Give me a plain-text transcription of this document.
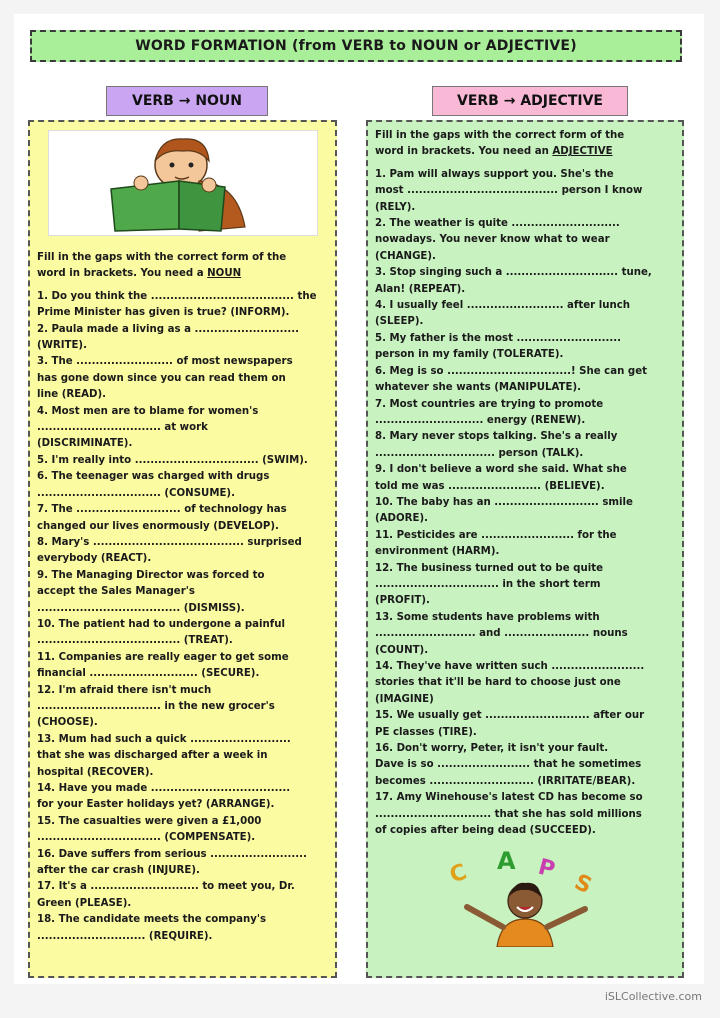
WORD FORMATION (from VERB to NOUN or ADJECTIVE)
VERB → NOUN	VERB → ADJECTIVE
Fill in the gaps with the correct form of the
word in brackets. You need a NOUN
1. Do you think the ..................................... the
Prime Minister has given is true? (INFORM).
2. Paula made a living as a ...........................
(WRITE).
3. The ......................... of most newspapers
has gone down since you can read them on
line (READ).
4. Most men are to blame for women's
................................ at work
(DISCRIMINATE).
5. I'm really into ................................ (SWIM).
6. The teenager was charged with drugs
................................ (CONSUME).
7. The ........................... of technology has
changed our lives enormously (DEVELOP).
8. Mary's ....................................... surprised
everybody (REACT).
9. The Managing Director was forced to
accept the Sales Manager's
..................................... (DISMISS).
10. The patient had to undergone a painful
..................................... (TREAT).
11. Companies are really eager to get some
financial ............................ (SECURE).
12. I'm afraid there isn't much
................................ in the new grocer's
(CHOOSE).
13. Mum had such a quick ..........................
that she was discharged after a week in
hospital (RECOVER).
14. Have you made ....................................
for your Easter holidays yet? (ARRANGE).
15. The casualties were given a £1,000
................................ (COMPENSATE).
16. Dave suffers from serious .........................
after the car crash (INJURE).
17. It's a ............................ to meet you, Dr.
Green (PLEASE).
18. The candidate meets the company's
............................ (REQUIRE).
Fill in the gaps with the correct form of the
word in brackets. You need an ADJECTIVE
1. Pam will always support you. She's the
most ....................................... person I know
(RELY).
2. The weather is quite ............................
nowadays. You never know what to wear
(CHANGE).
3. Stop singing such a ............................. tune,
Alan! (REPEAT).
4. I usually feel ......................... after lunch
(SLEEP).
5. My father is the most ...........................
person in my family (TOLERATE).
6. Meg is so ................................! She can get
whatever she wants (MANIPULATE).
7. Most countries are trying to promote
............................ energy (RENEW).
8. Mary never stops talking. She's a really
............................... person (TALK).
9. I don't believe a word she said. What she
told me was ........................ (BELIEVE).
10. The baby has an ........................... smile
(ADORE).
11. Pesticides are ........................ for the
environment (HARM).
12. The business turned out to be quite
................................ in the short term
(PROFIT).
13. Some students have problems with
.......................... and ...................... nouns
(COUNT).
14. They've have written such ........................
stories that it'll be hard to choose just one
(IMAGINE)
15. We usually get ........................... after our
PE classes (TIRE).
16. Don't worry, Peter, it isn't your fault.
Dave is so ........................ that he sometimes
becomes ........................... (IRRITATE/BEAR).
17. Amy Winehouse's latest CD has become so
.............................. that she has sold millions
of copies after being dead (SUCCEED).
C A P
S
iSLCollective.com
